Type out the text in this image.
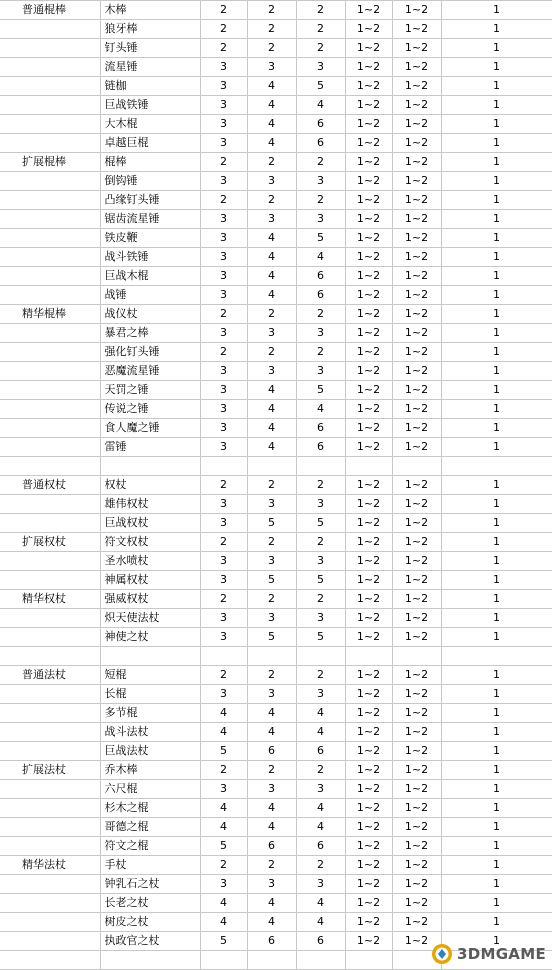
普通棍棒	木棒	2	2	2	1~2	1~2	1
	狼牙棒	2	2	2	1~2	1~2	1
	钉头锤	2	2	2	1~2	1~2	1
	流星锤	3	3	3	1~2	1~2	1
	链枷	3	4	5	1~2	1~2	1
	巨战铁锤	3	4	4	1~2	1~2	1
	大木棍	3	4	6	1~2	1~2	1
	卓越巨棍	3	4	6	1~2	1~2	1
扩展棍棒	棍棒	2	2	2	1~2	1~2	1
	倒钩锤	3	3	3	1~2	1~2	1
	凸缘钉头锤	2	2	2	1~2	1~2	1
	锯齿流星锤	3	3	3	1~2	1~2	1
	铁皮鞭	3	4	5	1~2	1~2	1
	战斗铁锤	3	4	4	1~2	1~2	1
	巨战木棍	3	4	6	1~2	1~2	1
	战锤	3	4	6	1~2	1~2	1
精华棍棒	战仪杖	2	2	2	1~2	1~2	1
	暴君之棒	3	3	3	1~2	1~2	1
	强化钉头锤	2	2	2	1~2	1~2	1
	恶魔流星锤	3	3	3	1~2	1~2	1
	天罚之锤	3	4	5	1~2	1~2	1
	传说之锤	3	4	4	1~2	1~2	1
	食人魔之锤	3	4	6	1~2	1~2	1
	雷锤	3	4	6	1~2	1~2	1

普通权杖	权杖	2	2	2	1~2	1~2	1
	雄伟权杖	3	3	3	1~2	1~2	1
	巨战权杖	3	5	5	1~2	1~2	1
扩展权杖	符文权杖	2	2	2	1~2	1~2	1
	圣水喷杖	3	3	3	1~2	1~2	1
	神属权杖	3	5	5	1~2	1~2	1
精华权杖	强威权杖	2	2	2	1~2	1~2	1
	炽天使法杖	3	3	3	1~2	1~2	1
	神使之杖	3	5	5	1~2	1~2	1

普通法杖	短棍	2	2	2	1~2	1~2	1
	长棍	3	3	3	1~2	1~2	1
	多节棍	4	4	4	1~2	1~2	1
	战斗法杖	4	4	4	1~2	1~2	1
	巨战法杖	5	6	6	1~2	1~2	1
扩展法杖	乔木棒	2	2	2	1~2	1~2	1
	六尺棍	3	3	3	1~2	1~2	1
	杉木之棍	4	4	4	1~2	1~2	1
	哥德之棍	4	4	4	1~2	1~2	1
	符文之棍	5	6	6	1~2	1~2	1
精华法杖	手杖	2	2	2	1~2	1~2	1
	钟乳石之杖	3	3	3	1~2	1~2	1
	长老之杖	4	4	4	1~2	1~2	1
	树皮之杖	4	4	4	1~2	1~2	1
	执政官之杖	5	6	6	1~2	1~2	1

3DMGAME
